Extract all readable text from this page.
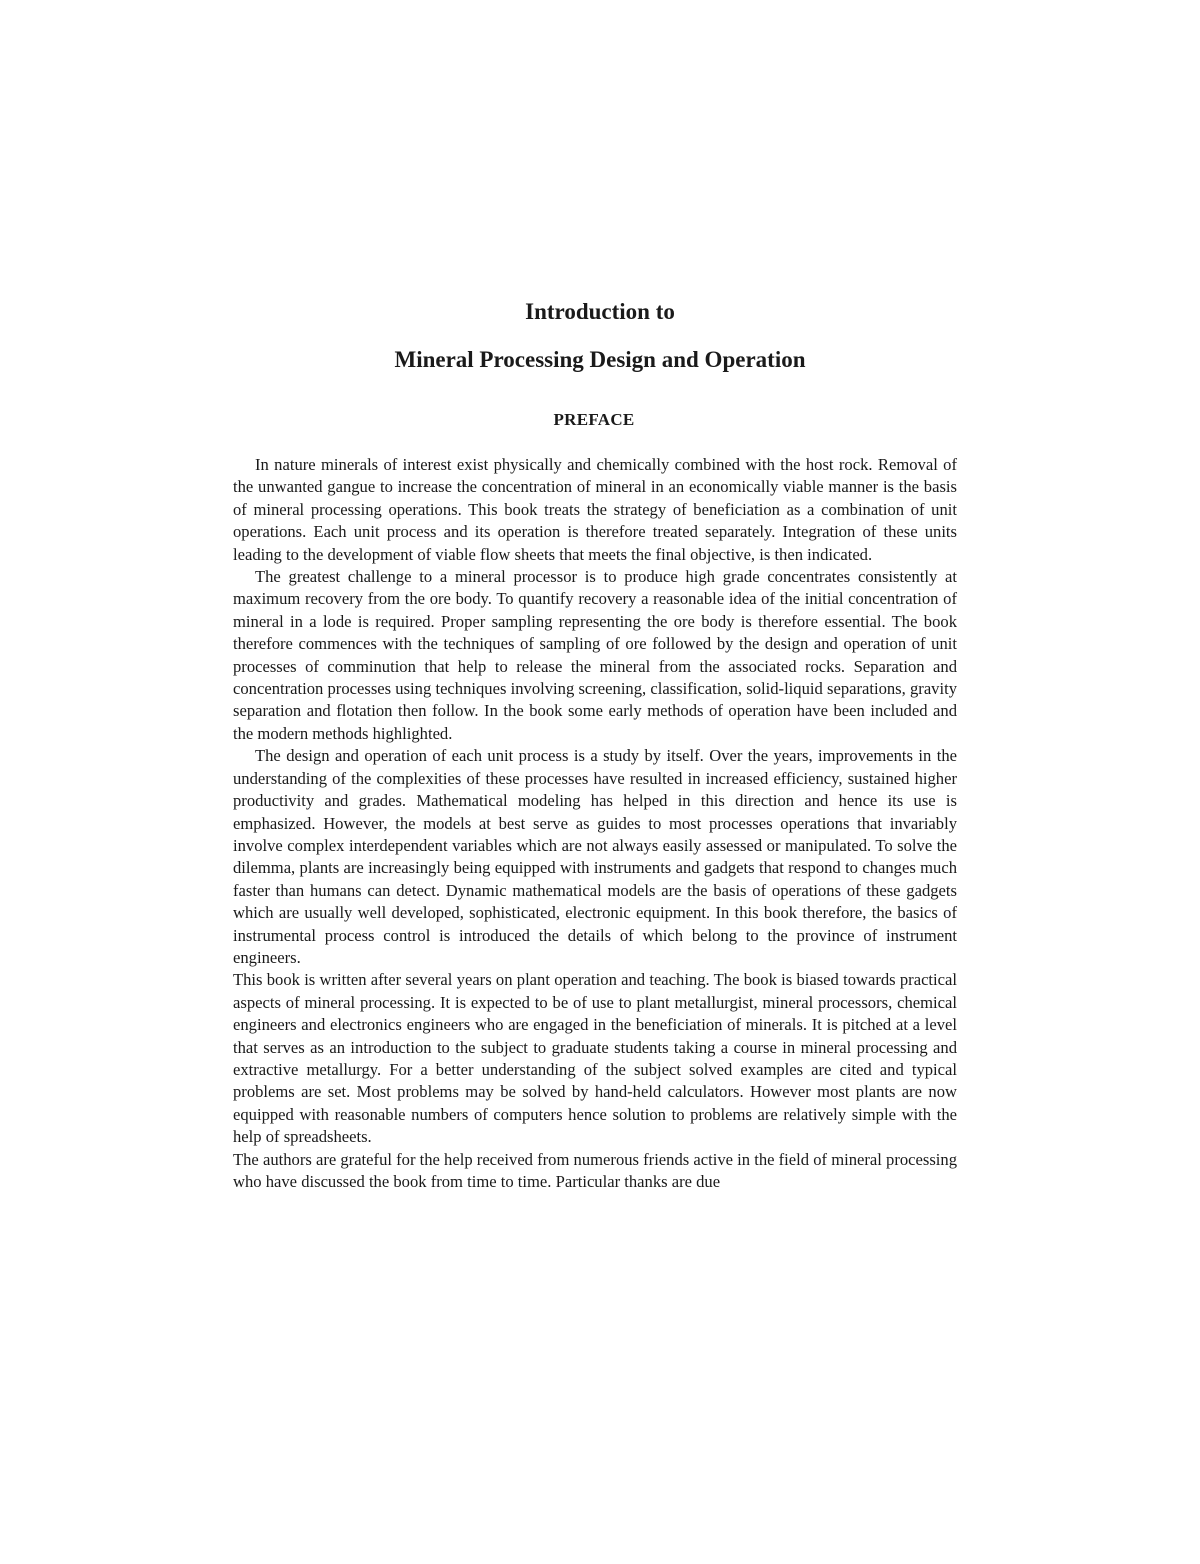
Introduction to
Mineral Processing Design and Operation
PREFACE

In nature minerals of interest exist physically and chemically combined with the host rock. Removal of the unwanted gangue to increase the concentration of mineral in an economically viable manner is the basis of mineral processing operations. This book treats the strategy of beneficiation as a combination of unit operations. Each unit process and its operation is therefore treated separately. Integration of these units leading to the development of viable flow sheets that meets the final objective, is then indicated.

The greatest challenge to a mineral processor is to produce high grade concentrates consistently at maximum recovery from the ore body. To quantify recovery a reasonable idea of the initial concentration of mineral in a lode is required. Proper sampling representing the ore body is therefore essential. The book therefore commences with the techniques of sampling of ore followed by the design and operation of unit processes of comminution that help to release the mineral from the associated rocks. Separation and concentration processes using techniques involving screening, classification, solid-liquid separations, gravity separation and flotation then follow. In the book some early methods of operation have been included and the modern methods highlighted.

The design and operation of each unit process is a study by itself. Over the years, improvements in the understanding of the complexities of these processes have resulted in increased efficiency, sustained higher productivity and grades. Mathematical modeling has helped in this direction and hence its use is emphasized. However, the models at best serve as guides to most processes operations that invariably involve complex interdependent variables which are not always easily assessed or manipulated. To solve the dilemma, plants are increasingly being equipped with instruments and gadgets that respond to changes much faster than humans can detect. Dynamic mathematical models are the basis of operations of these gadgets which are usually well developed, sophisticated, electronic equipment. In this book therefore, the basics of instrumental process control is introduced the details of which belong to the province of instrument engineers.

This book is written after several years on plant operation and teaching. The book is biased towards practical aspects of mineral processing. It is expected to be of use to plant metallurgist, mineral processors, chemical engineers and electronics engineers who are engaged in the beneficiation of minerals. It is pitched at a level that serves as an introduction to the subject to graduate students taking a course in mineral processing and extractive metallurgy. For a better understanding of the subject solved examples are cited and typical problems are set. Most problems may be solved by hand-held calculators. However most plants are now equipped with reasonable numbers of computers hence solution to problems are relatively simple with the help of spreadsheets.

The authors are grateful for the help received from numerous friends active in the field of mineral processing who have discussed the book from time to time. Particular thanks are due
